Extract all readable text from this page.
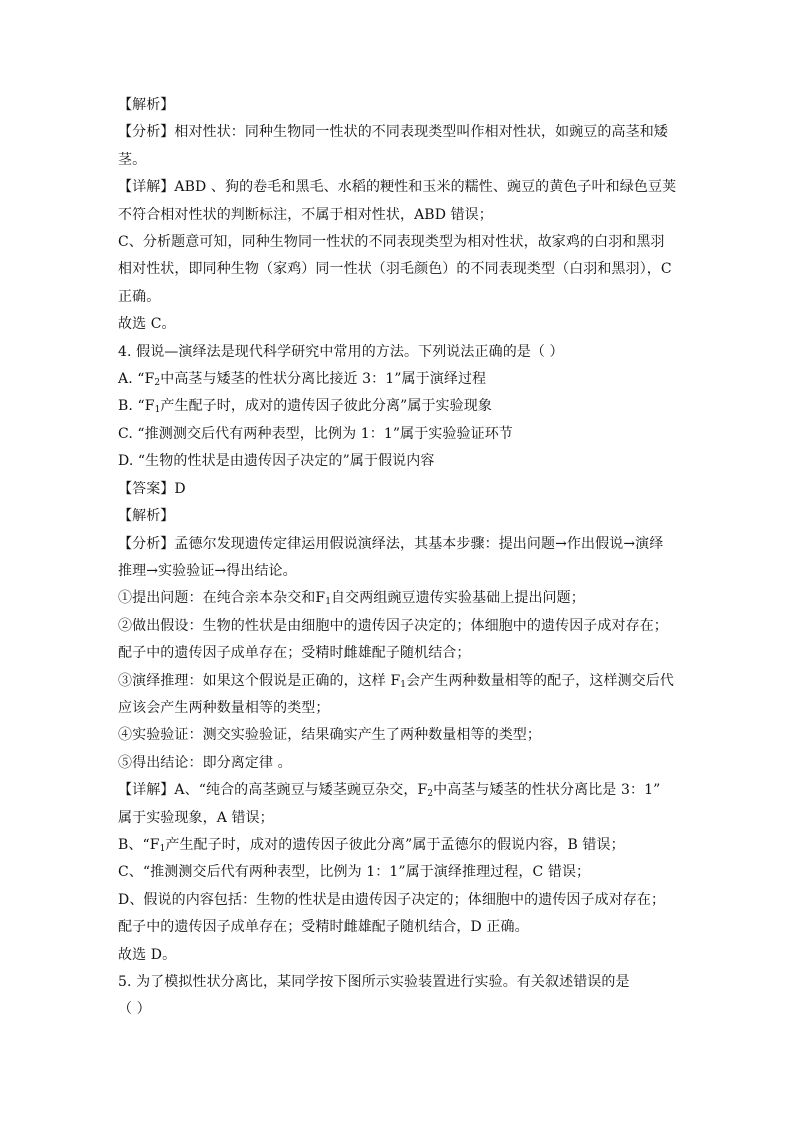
【解析】
【分析】相对性状：同种生物同一性状的不同表现类型叫作相对性状，如豌豆的高茎和矮
茎。
【详解】ABD 、狗的卷毛和黑毛、水稻的粳性和玉米的糯性、豌豆的黄色子叶和绿色豆荚
不符合相对性状的判断标注，不属于相对性状，ABD 错误；
C、分析题意可知，同种生物同一性状的不同表现类型为相对性状，故家鸡的白羽和黑羽
相对性状，即同种生物（家鸡）同一性状（羽毛颜色）的不同表现类型（白羽和黑羽），C
正确。
故选 C。
4. 假说—演绎法是现代科学研究中常用的方法。下列说法正确的是（ ）
A. “$F_2$中高茎与矮茎的性状分离比接近 3：1”属于演绎过程
B. “$F_1$产生配子时，成对的遗传因子彼此分离”属于实验现象
C. “推测测交后代有两种表型，比例为 1：1”属于实验验证环节
D. “生物的性状是由遗传因子决定的”属于假说内容
【答案】D
【解析】
【分析】孟德尔发现遗传定律运用假说演绎法，其基本步骤：提出问题→作出假说→演绎
推理→实验验证→得出结论。
①提出问题：在纯合亲本杂交和$F_1$自交两组豌豆遗传实验基础上提出问题；
②做出假设：生物的性状是由细胞中的遗传因子决定的；体细胞中的遗传因子成对存在；
配子中的遗传因子成单存在；受精时雌雄配子随机结合；
③演绎推理：如果这个假说是正确的，这样 $F_1$会产生两种数量相等的配子，这样测交后代
应该会产生两种数量相等的类型；
④实验验证：测交实验验证，结果确实产生了两种数量相等的类型；
⑤得出结论：即分离定律 。
【详解】A、“纯合的高茎豌豆与矮茎豌豆杂交，$F_2$中高茎与矮茎的性状分离比是 3：1”
属于实验现象，A 错误；
B、“$F_1$产生配子时，成对的遗传因子彼此分离”属于孟德尔的假说内容，B 错误；
C、“推测测交后代有两种表型，比例为 1：1”属于演绎推理过程，C 错误；
D、假说的内容包括：生物的性状是由遗传因子决定的；体细胞中的遗传因子成对存在；
配子中的遗传因子成单存在；受精时雌雄配子随机结合，D 正确。
故选 D。
5. 为了模拟性状分离比，某同学按下图所示实验装置进行实验。有关叙述错误的是
（ ）
